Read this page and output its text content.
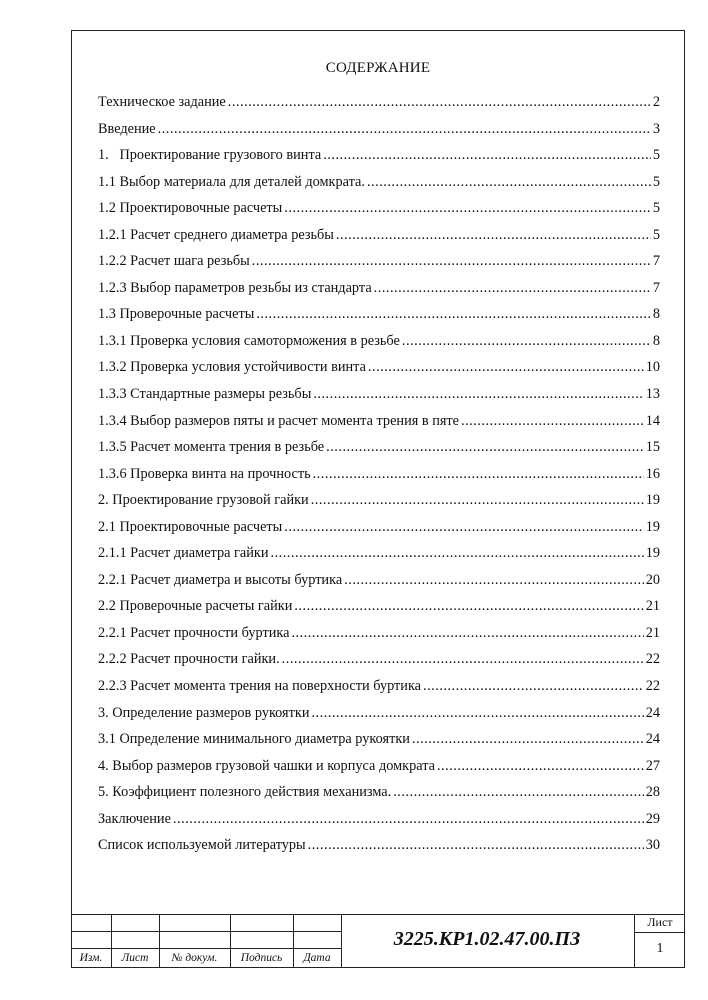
СОДЕРЖАНИЕ
Техническое задание .....	2
Введение .....	3
1.   Проектирование грузового винта .....	5
1.1 Выбор материала для деталей домкрата. .....	5
1.2 Проектировочные расчеты .....	5
1.2.1 Расчет среднего диаметра резьбы .....	5
1.2.2 Расчет шага резьбы .....	7
1.2.3 Выбор параметров резьбы из стандарта .....	7
1.3 Проверочные расчеты .....	8
1.3.1 Проверка условия самоторможения в резьбе .....	8
1.3.2 Проверка условия устойчивости винта .....	10
1.3.3 Стандартные размеры резьбы .....	13
1.3.4 Выбор размеров пяты и расчет момента трения в пяте .....	14
1.3.5 Расчет момента трения в резьбе .....	15
1.3.6 Проверка винта на прочность .....	16
2. Проектирование грузовой гайки .....	19
2.1 Проектировочные расчеты .....	19
2.1.1 Расчет диаметра гайки .....	19
2.2.1 Расчет диаметра и высоты буртика .....	20
2.2 Проверочные расчеты гайки .....	21
2.2.1 Расчет прочности буртика .....	21
2.2.2 Расчет прочности гайки. .....	22
2.2.3 Расчет момента трения на поверхности буртика .....	22
3. Определение размеров рукоятки .....	24
3.1 Определение минимального диаметра рукоятки .....	24
4. Выбор размеров грузовой чашки и корпуса домкрата .....	27
5. Коэффициент полезного действия механизма. .....	28
Заключение .....	29
Список используемой литературы .....	30
Изм.	Лист	№ докум.	Подпись	Дата
3225.КР1.02.47.00.ПЗ
Лист
1
